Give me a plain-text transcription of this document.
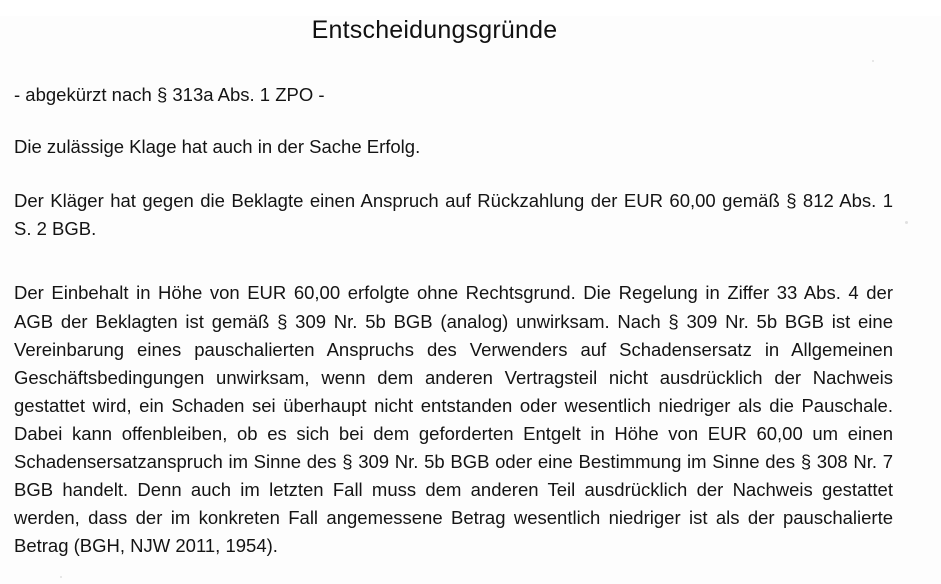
Entscheidungsgründe

- abgekürzt nach § 313a Abs. 1 ZPO -

Die zulässige Klage hat auch in der Sache Erfolg.

Der Kläger hat gegen die Beklagte einen Anspruch auf Rückzahlung der EUR 60,00 gemäß § 812 Abs. 1 S. 2 BGB.

Der Einbehalt in Höhe von EUR 60,00 erfolgte ohne Rechtsgrund. Die Regelung in Ziffer 33 Abs. 4 der AGB der Beklagten ist gemäß § 309 Nr. 5b BGB (analog) unwirksam. Nach § 309 Nr. 5b BGB ist eine Vereinbarung eines pauschalierten Anspruchs des Verwenders auf Schadensersatz in Allgemeinen Geschäftsbedingungen unwirksam, wenn dem anderen Vertragsteil nicht ausdrücklich der Nachweis gestattet wird, ein Schaden sei überhaupt nicht entstanden oder wesentlich niedriger als die Pauschale. Dabei kann offenbleiben, ob es sich bei dem geforderten Entgelt in Höhe von EUR 60,00 um einen Schadensersatzanspruch im Sinne des § 309 Nr. 5b BGB oder eine Bestimmung im Sinne des § 308 Nr. 7 BGB handelt. Denn auch im letzten Fall muss dem anderen Teil ausdrücklich der Nachweis gestattet werden, dass der im konkreten Fall angemessene Betrag wesentlich niedriger ist als der pauschalierte Betrag (BGH, NJW 2011, 1954).
